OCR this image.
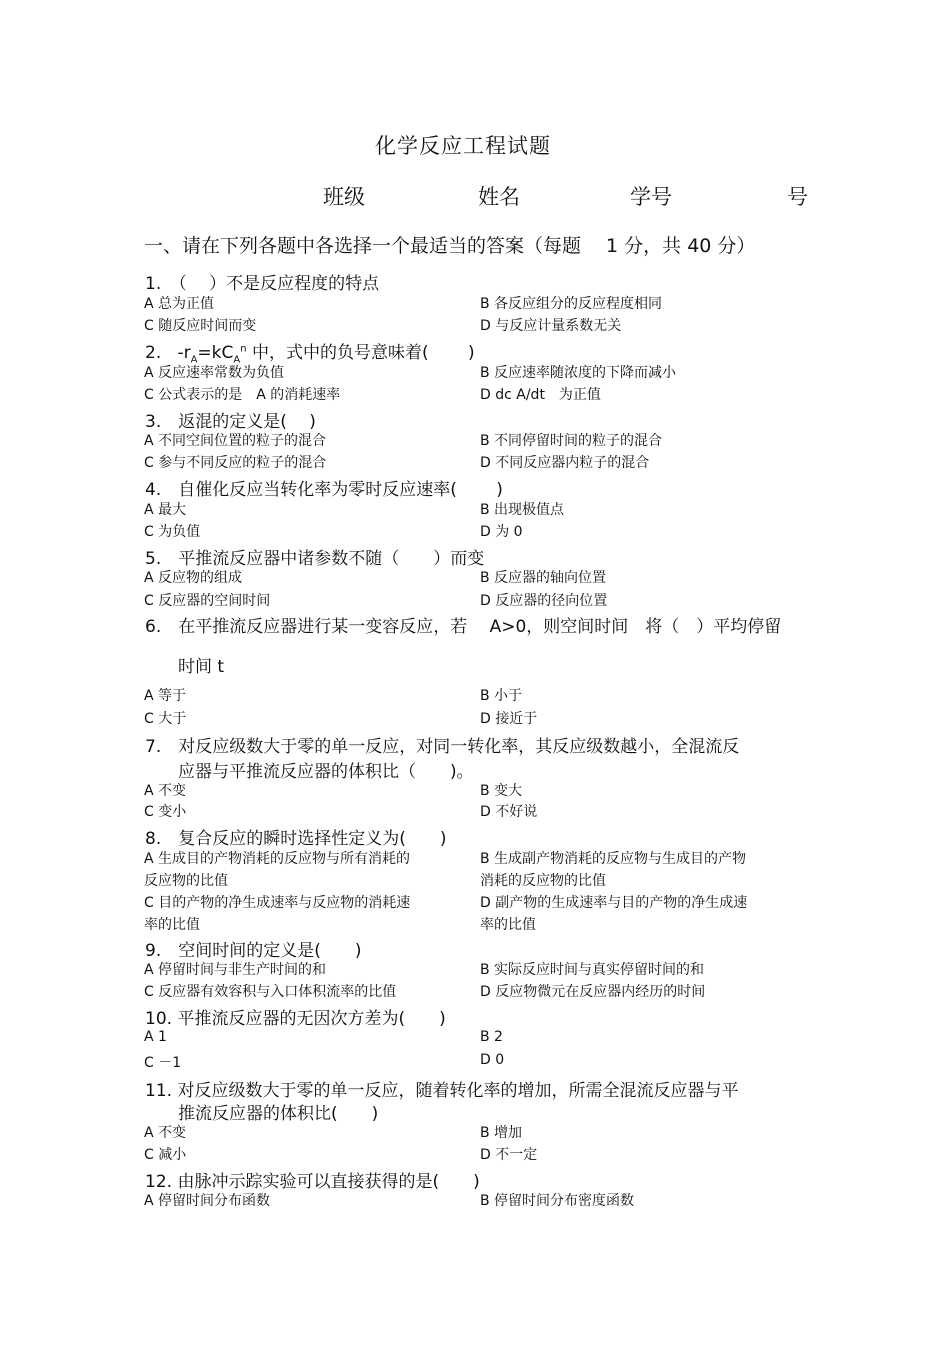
化学反应工程试题
班级	姓名	学号	号
一、请在下列各题中各选择一个最适当的答案（每题　 1 分，共 40 分）
1.　（　 ）不是反应程度的特点
A 总为正值	B 各反应组分的反应程度相同
C 随反应时间而变	D 与反应计量系数无关
2. $-r_A=kC_A^n$ 中，式中的负号意味着(　　 )
A 反应速率常数为负值	B 反应速率随浓度的下降而减小
C 公式表示的是　A 的消耗速率	D dc A/dt　为正值
3.　返混的定义是(　 )
A 不同空间位置的粒子的混合	B 不同停留时间的粒子的混合
C 参与不同反应的粒子的混合	D 不同反应器内粒子的混合
4.　自催化反应当转化率为零时反应速率(　　 )
A 最大	B 出现极值点
C 为负值	D 为 0
5.　平推流反应器中诸参数不随（　　）而变
A 反应物的组成	B 反应器的轴向位置
C 反应器的空间时间	D 反应器的径向位置
6.　在平推流反应器进行某一变容反应，若　 A>0，则空间时间　将（　）平均停留
时间 t
A 等于	B 小于
C 大于	D 接近于
7.　对反应级数大于零的单一反应，对同一转化率，其反应级数越小，全混流反
应器与平推流反应器的体积比（　　)。
A 不变	B 变大
C 变小	D 不好说
8.　复合反应的瞬时选择性定义为(　　)
A 生成目的产物消耗的反应物与所有消耗的	B 生成副产物消耗的反应物与生成目的产物
反应物的比值	消耗的反应物的比值
C 目的产物的净生成速率与反应物的消耗速	D 副产物的生成速率与目的产物的净生成速
率的比值	率的比值
9.　空间时间的定义是(　　)
A 停留时间与非生产时间的和	B 实际反应时间与真实停留时间的和
C 反应器有效容积与入口体积流率的比值	D 反应物微元在反应器内经历的时间
10. 平推流反应器的无因次方差为(　　)
A 1	B 2
C －1	D 0
11. 对反应级数大于零的单一反应，随着转化率的增加，所需全混流反应器与平
推流反应器的体积比(　　)
A 不变	B 增加
C 减小	D 不一定
12. 由脉冲示踪实验可以直接获得的是(　　)
A 停留时间分布函数	B 停留时间分布密度函数
